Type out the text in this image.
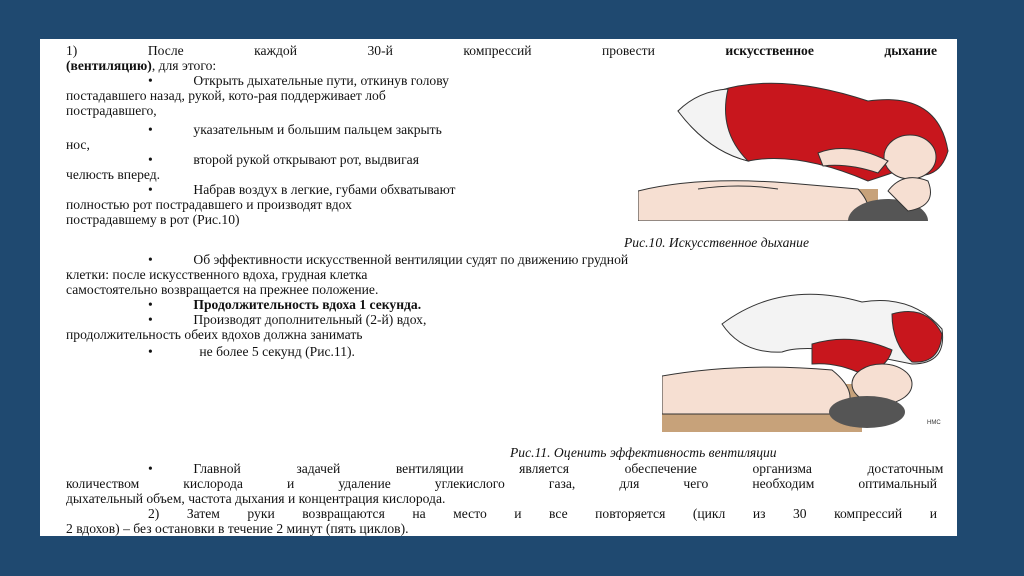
1) После каждой 30-й компрессий провести	искусственное дыхание
(вентиляцию), для этого:
•	Открыть дыхательные пути, откинув голову
постадавшего назад, рукой, кото-рая поддерживает лоб
пострадавшего,
•	указательным и большим пальцем закрыть
нос,
•	второй рукой открывают рот, выдвигая
челюсть вперед.
•	Набрав воздух в легкие, губами обхватывают
полностью рот пострадавшего и производят вдох
пострадавшему в рот (Рис.10)
Рис.10. Искусственное дыхание
•	Об эффективности искусственной вентиляции судят по движению грудной
клетки: после искусственного вдоха, грудная клетка
самостоятельно возвращается на прежнее положение.
•	Продолжительность вдоха 1 секунда.
•	Производят дополнительный (2-й) вдох,
продолжительность обеих вдохов должна занимать
•	не более 5 секунд (Рис.11).
HMC
Рис.11. Оценить эффективность вентиляции
•	Главной задачей вентиляции является обеспечение организма достаточным
количеством кислорода и удаление углекислого газа, для чего необходим оптимальный
дыхательный объем, частота дыхания и концентрация кислорода.
2) Затем руки возвращаются на место и все повторяется (цикл из 30 компрессий и
2 вдохов) – без остановки в течение 2 минут (пять циклов).
